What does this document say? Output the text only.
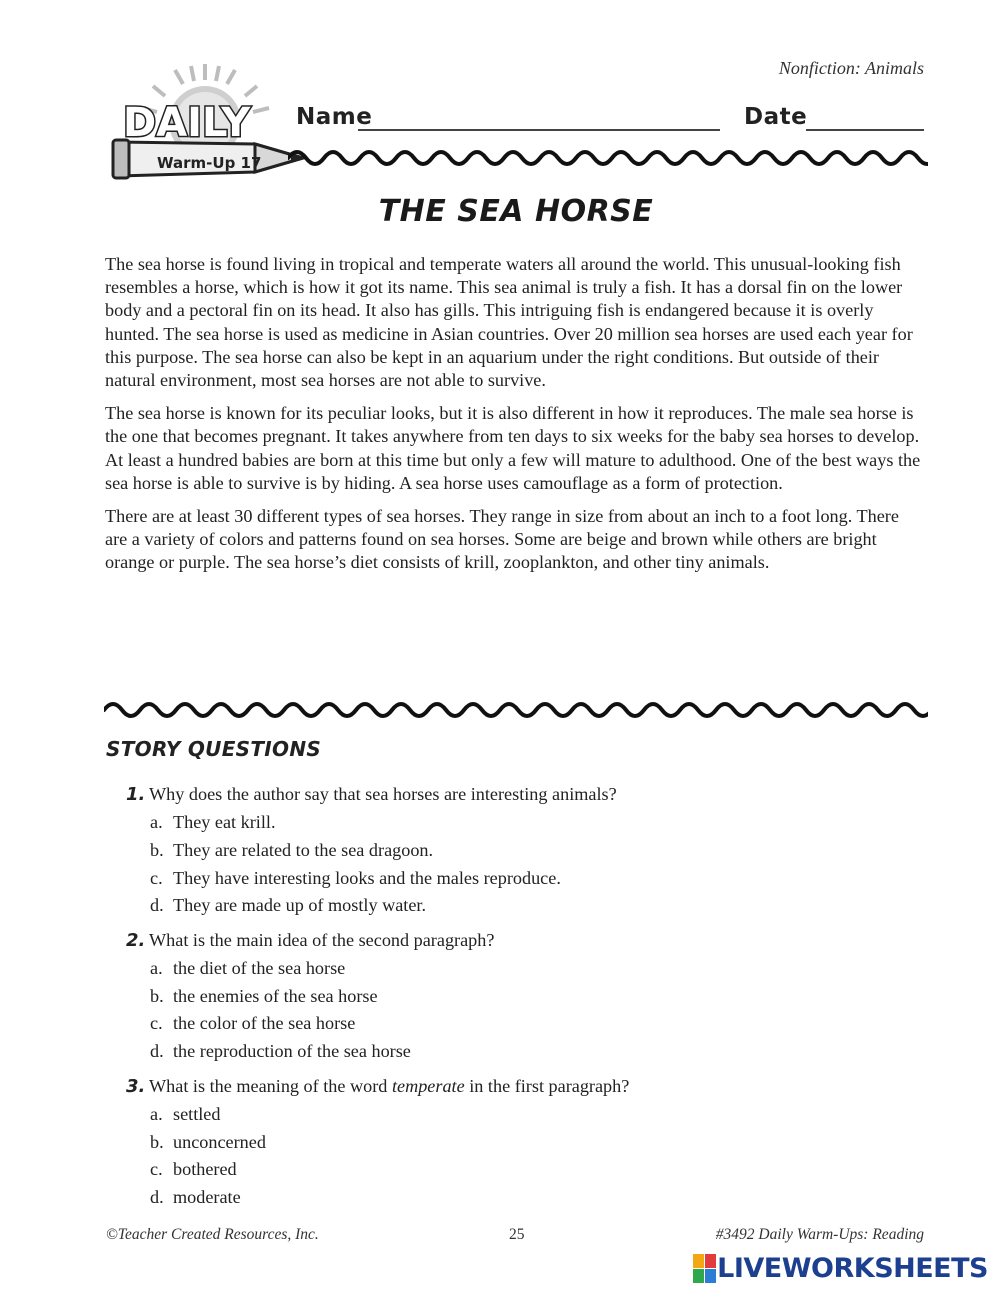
Nonfiction: Animals
DAILY
Warm-Up 17
Name	Date
THE SEA HORSE

The sea horse is found living in tropical and temperate waters all around the world. This unusual-looking fish resembles a horse, which is how it got its name. This sea animal is truly a fish. It has a dorsal fin on the lower body and a pectoral fin on its head. It also has gills. This intriguing fish is endangered because it is overly hunted. The sea horse is used as medicine in Asian countries. Over 20 million sea horses are used each year for this purpose. The sea horse can also be kept in an aquarium under the right conditions. But outside of their natural environment, most sea horses are not able to survive.

The sea horse is known for its peculiar looks, but it is also different in how it reproduces. The male sea horse is the one that becomes pregnant. It takes anywhere from ten days to six weeks for the baby sea horses to develop. At least a hundred babies are born at this time but only a few will mature to adulthood. One of the best ways the sea horse is able to survive is by hiding. A sea horse uses camouflage as a form of protection.

There are at least 30 different types of sea horses. They range in size from about an inch to a foot long. There are a variety of colors and patterns found on sea horses. Some are beige and brown while others are bright orange or purple. The sea horse’s diet consists of krill, zooplankton, and other tiny animals.

STORY QUESTIONS
1. Why does the author say that sea horses are interesting animals?
a. They eat krill.
b. They are related to the sea dragoon.
c. They have interesting looks and the males reproduce.
d. They are made up of mostly water.
2. What is the main idea of the second paragraph?
a. the diet of the sea horse
b. the enemies of the sea horse
c. the color of the sea horse
d. the reproduction of the sea horse
3. What is the meaning of the word temperate in the first paragraph?
a. settled
b. unconcerned
c. bothered
d. moderate
©Teacher Created Resources, Inc.	25	#3492 Daily Warm-Ups: Reading
LIVEWORKSHEETS
